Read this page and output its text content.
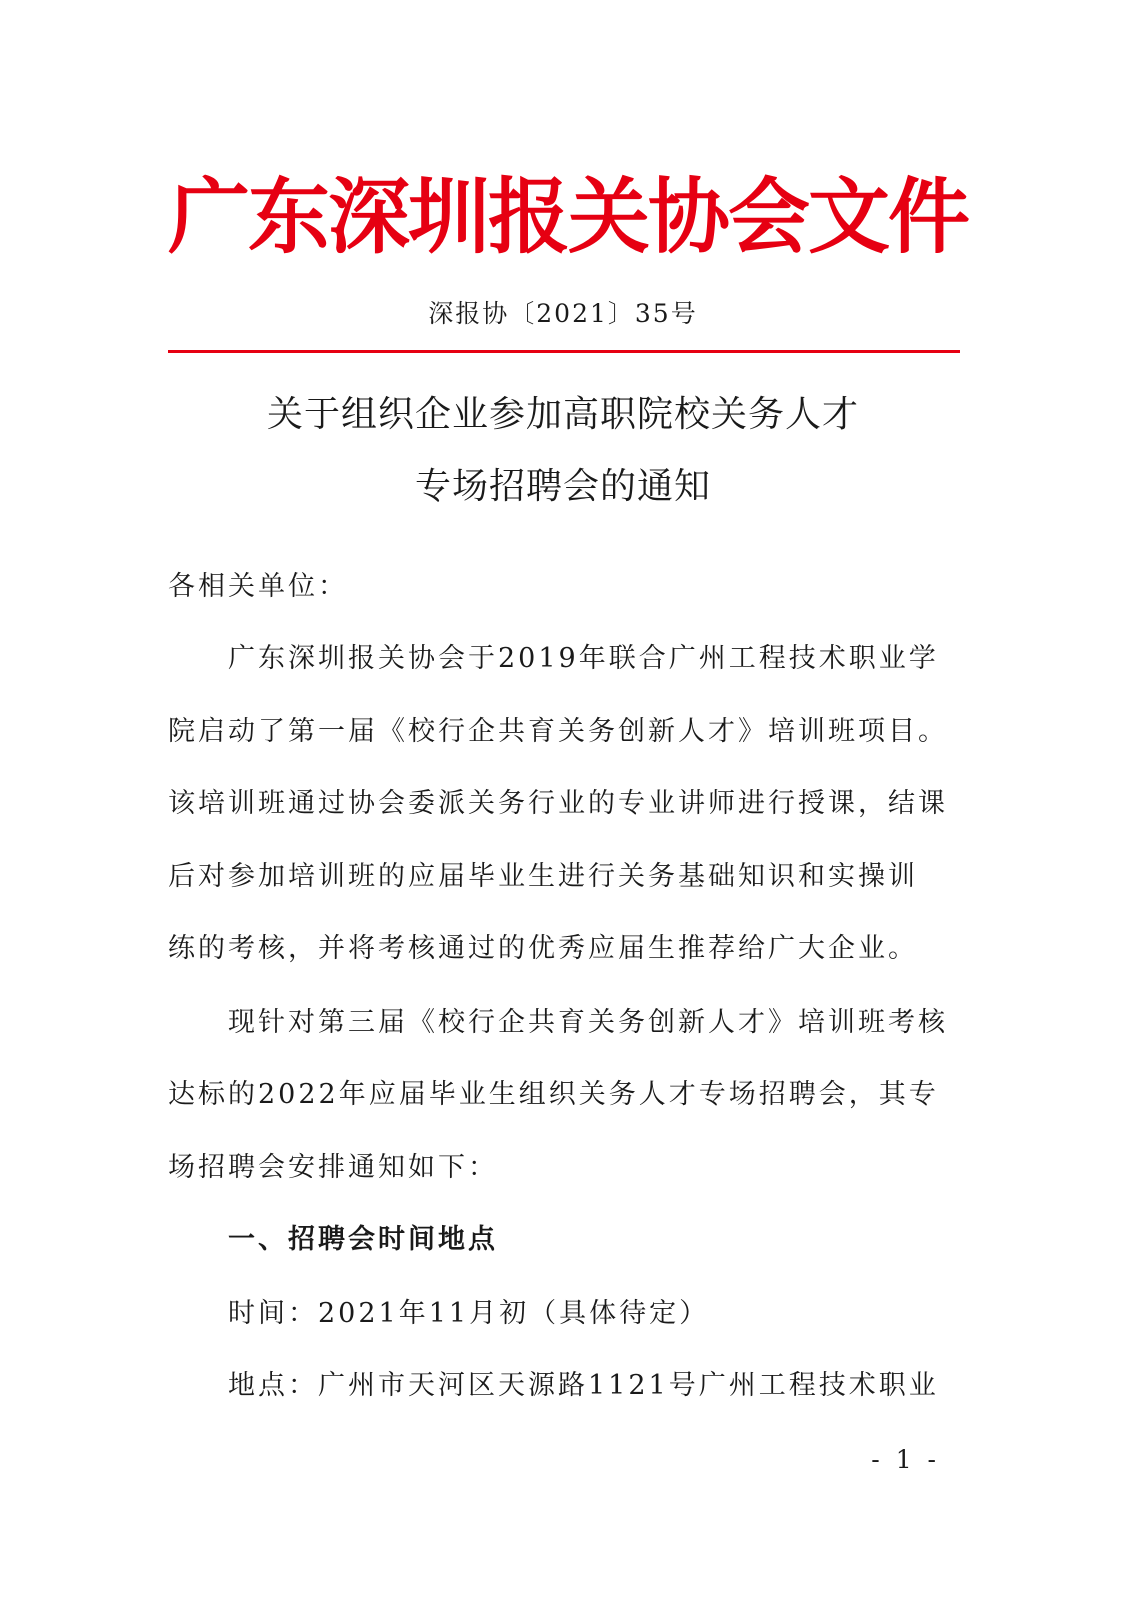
广东深圳报关协会文件
深报协〔2021〕35号
关于组织企业参加高职院校关务人才
专场招聘会的通知
各相关单位：
广东深圳报关协会于2019年联合广州工程技术职业学
院启动了第一届《校行企共育关务创新人才》培训班项目。
该培训班通过协会委派关务行业的专业讲师进行授课，结课
后对参加培训班的应届毕业生进行关务基础知识和实操训
练的考核，并将考核通过的优秀应届生推荐给广大企业。
现针对第三届《校行企共育关务创新人才》培训班考核
达标的2022年应届毕业生组织关务人才专场招聘会，其专
场招聘会安排通知如下：
一、招聘会时间地点
时间：2021年11月初（具体待定）
地点：广州市天河区天源路1121号广州工程技术职业
- 1 -
